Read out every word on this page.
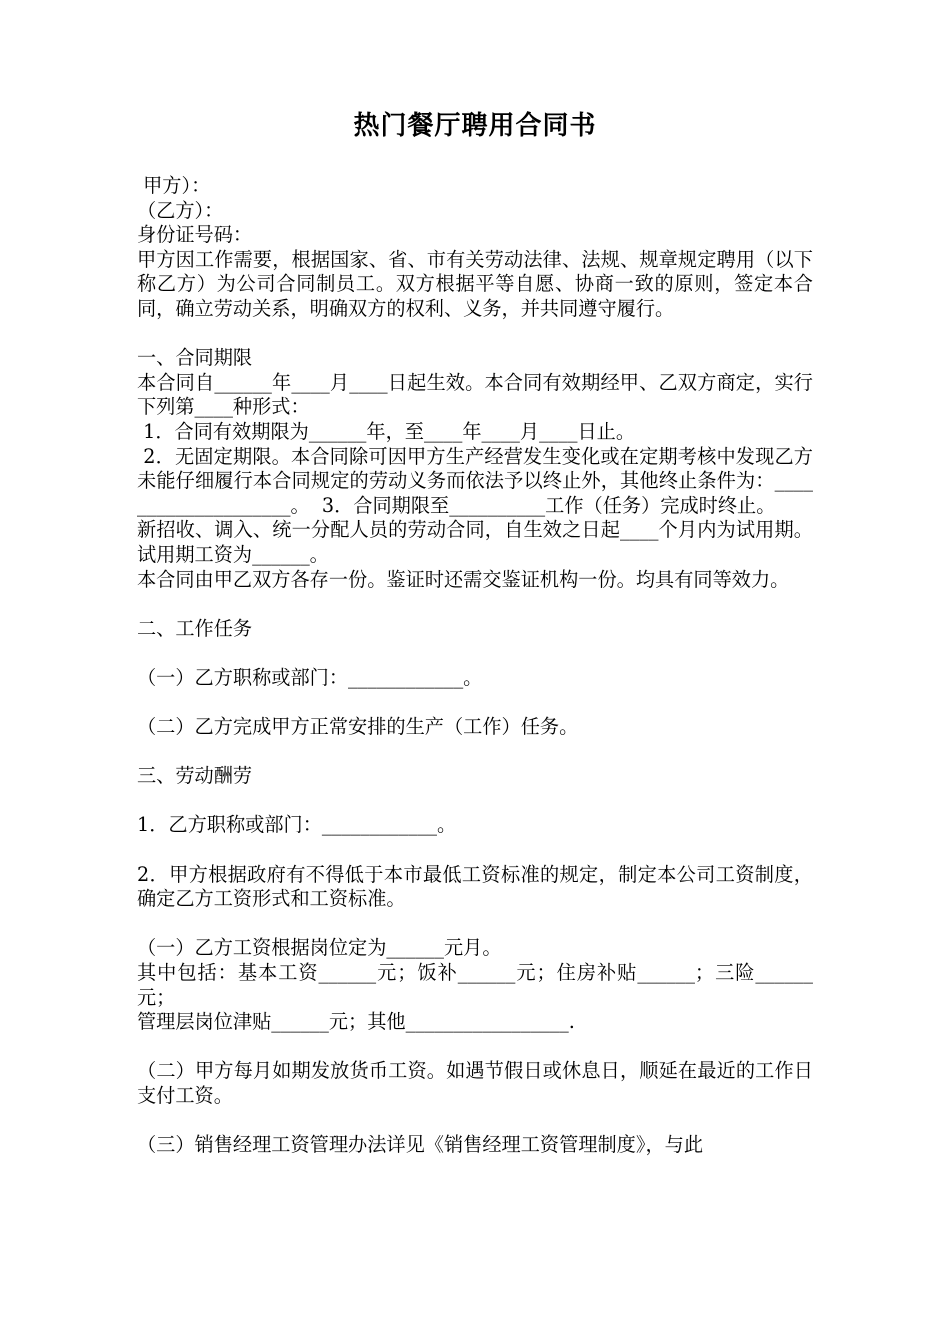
热门餐厅聘用合同书

甲方）：

（乙方）：

身份证号码：

甲方因工作需要，根据国家、省、市有关劳动法律、法规、规章规定聘用（以下称乙方）为公司合同制员工。双方根据平等自愿、协商一致的原则，签定本合同，确立劳动关系，明确双方的权利、义务，并共同遵守履行。

一、合同期限

本合同自______年____月____日起生效。本合同有效期经甲、乙双方商定，实行下列第____种形式：

1．合同有效期限为______年，至____年____月____日止。

2．无固定期限。本合同除可因甲方生产经营发生变化或在定期考核中发现乙方未能仔细履行本合同规定的劳动义务而依法予以终止外，其他终止条件为：____________________。  3．合同期限至__________工作（任务）完成时终止。

新招收、调入、统一分配人员的劳动合同，自生效之日起____个月内为试用期。试用期工资为______。

本合同由甲乙双方各存一份。鉴证时还需交鉴证机构一份。均具有同等效力。

二、工作任务

（一）乙方职称或部门：____________。

（二）乙方完成甲方正常安排的生产（工作）任务。

三、劳动酬劳

1．乙方职称或部门：____________。

2．甲方根据政府有不得低于本市最低工资标准的规定，制定本公司工资制度，确定乙方工资形式和工资标准。

（一）乙方工资根据岗位定为______元月。

其中包括：基本工资______元；饭补______元；住房补贴______；三险______元；

管理层岗位津贴______元；其他_________________.

（二）甲方每月如期发放货币工资。如遇节假日或休息日，顺延在最近的工作日支付工资。

（三）销售经理工资管理办法详见《销售经理工资管理制度》，与此
